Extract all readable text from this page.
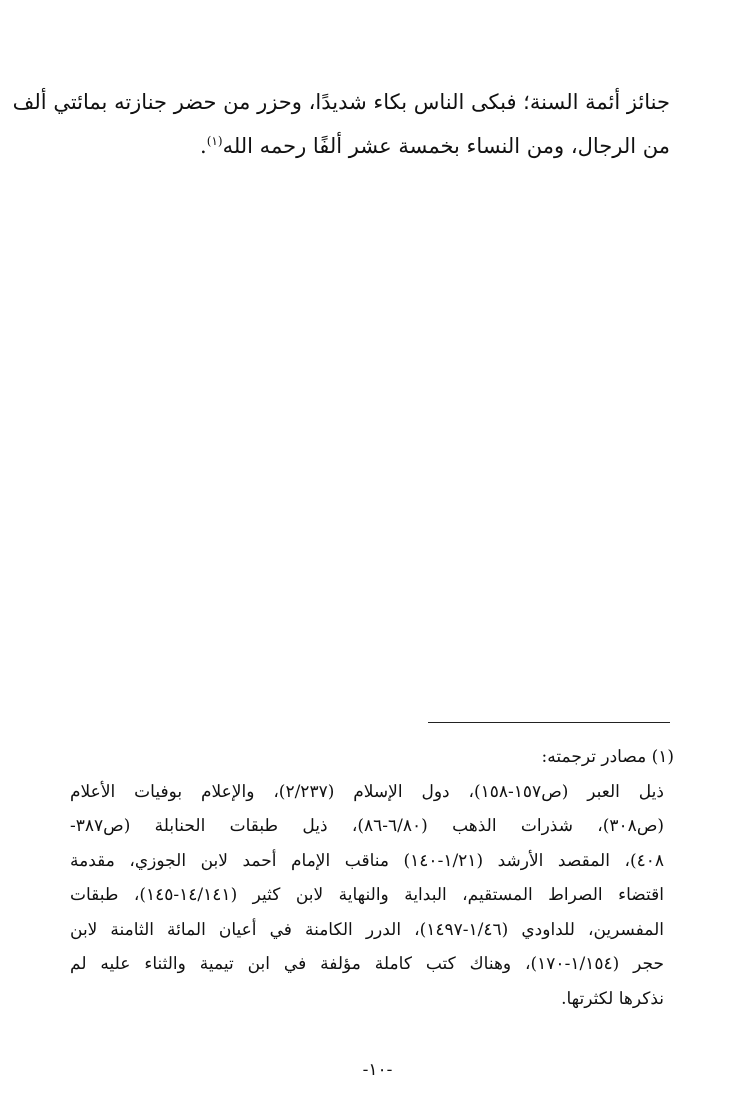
جنائز أئمة السنة؛ فبكى الناس بكاء شديدًا، وحزر من حضر جنازته بمائتي ألف
من الرجال، ومن النساء بخمسة عشر ألفًا رحمه الله$^{(١)}$.
(١) مصادر ترجمته:
ذيل العبر (ص١٥٧-١٥٨)، دول الإسلام (٢/٢٣٧)، والإعلام بوفيات الأعلام
(ص٣٠٨)، شذرات الذهب (٦/٨٠-٨٦)، ذيل طبقات الحنابلة (ص٣٨٧-
٤٠٨)، المقصد الأرشد (١/٢١-١٤٠) مناقب الإمام أحمد لابن الجوزي، مقدمة
اقتضاء الصراط المستقيم، البداية والنهاية لابن كثير (١٤/١٤١-١٤٥)، طبقات
المفسرين، للداودي (١/٤٦-١٤٩٧)، الدرر الكامنة في أعيان المائة الثامنة لابن
حجر (١/١٥٤-١٧٠)، وهناك كتب كاملة مؤلفة في ابن تيمية والثناء عليه لم
نذكرها لكثرتها.
-١٠-
